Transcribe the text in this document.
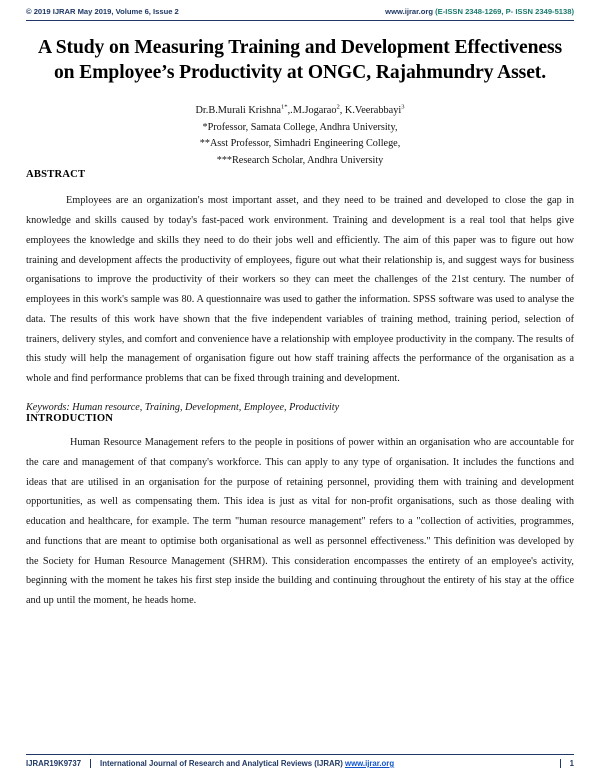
© 2019 IJRAR May 2019, Volume 6, Issue 2	www.ijrar.org (E-ISSN 2348-1269, P- ISSN 2349-5138)
A Study on Measuring Training and Development Effectiveness on Employee’s Productivity at ONGC, Rajahmundry Asset.
Dr.B.Murali Krishna$^{1*}$,.M.Jogarao$^2$, K.Veerabbayi$^3$
*Professor, Samata College, Andhra University,
**Asst Professor, Simhadri Engineering College,
***Research Scholar, Andhra University
ABSTRACT

Employees are an organization's most important asset, and they need to be trained and developed to close the gap in knowledge and skills caused by today's fast-paced work environment. Training and development is a real tool that helps give employees the knowledge and skills they need to do their jobs well and efficiently. The aim of this paper was to figure out how training and development affects the productivity of employees, figure out what their relationship is, and suggest ways for business organisations to improve the productivity of their workers so they can meet the challenges of the 21st century. The number of employees in this work's sample was 80. A questionnaire was used to gather the information. SPSS software was used to analyse the data. The results of this work have shown that the five independent variables of training method, training period, selection of trainers, delivery styles, and comfort and convenience have a relationship with employee productivity in the company. The results of this study will help the management of organisation figure out how staff training affects the performance of the organisation as a whole and find performance problems that can be fixed through training and development.

Keywords: Human resource, Training, Development, Employee, Productivity

INTRODUCTION

Human Resource Management refers to the people in positions of power within an organisation who are accountable for the care and management of that company's workforce. This can apply to any type of organisation. It includes the functions and ideas that are utilised in an organisation for the purpose of retaining personnel, providing them with training and development opportunities, as well as compensating them. This idea is just as vital for non-profit organisations, such as those dealing with education and healthcare, for example. The term "human resource management" refers to a "collection of activities, programmes, and functions that are meant to optimise both organisational as well as personnel effectiveness." This definition was developed by the Society for Human Resource Management (SHRM). This consideration encompasses the entirety of an employee's activity, beginning with the moment he takes his first step inside the building and continuing throughout the entirety of his stay at the office and up until the moment, he heads home.

IJRAR19K9737	International Journal of Research and Analytical Reviews (IJRAR) www.ijrar.org	1
